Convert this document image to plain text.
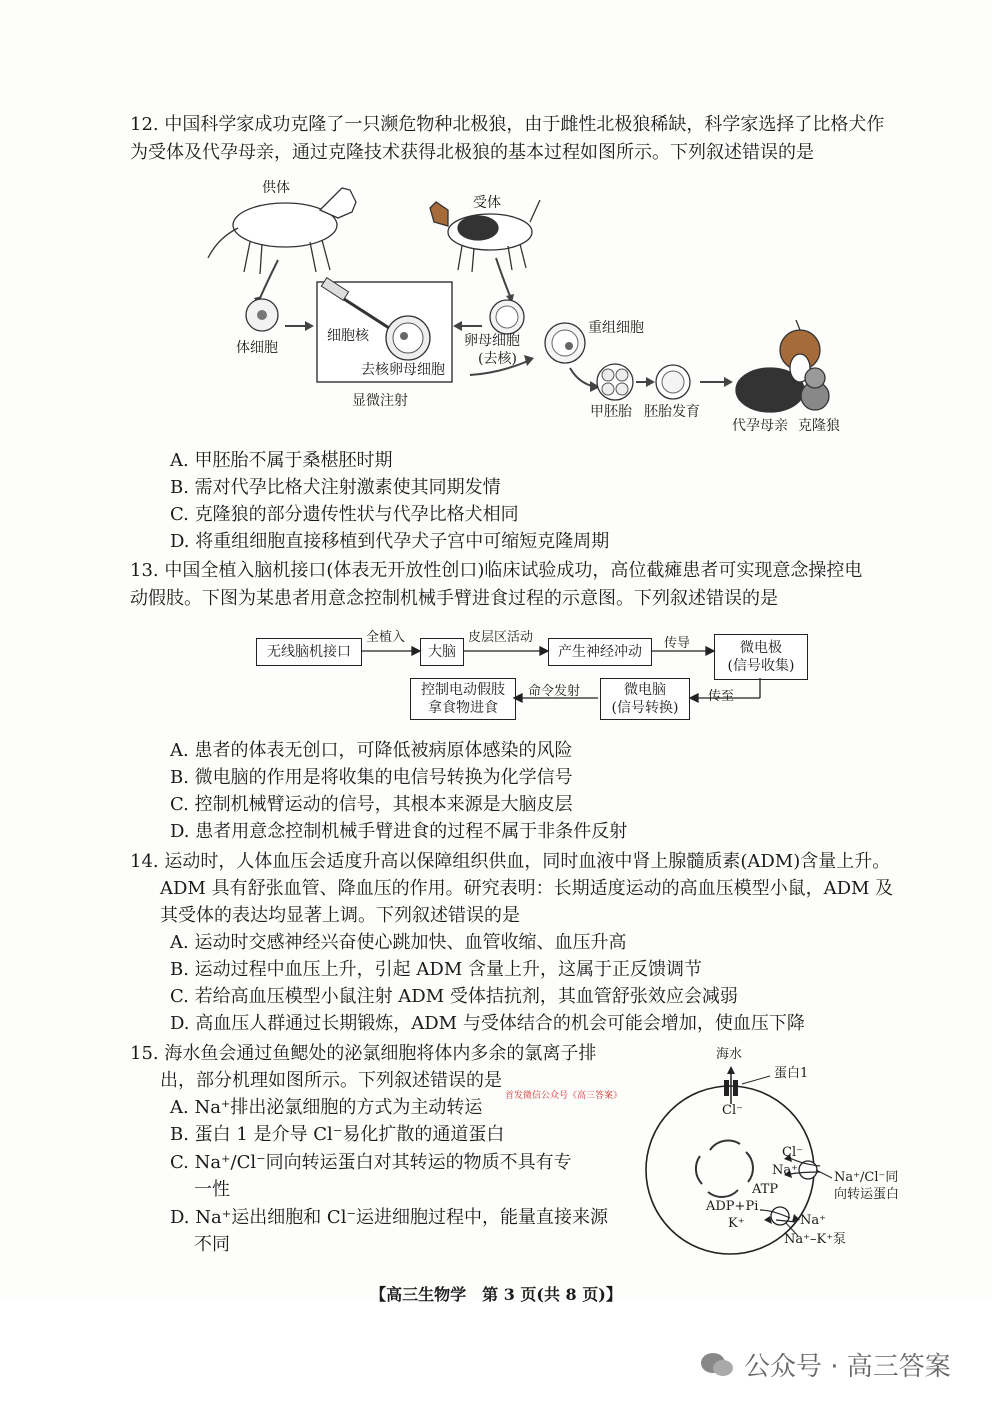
12. 中国科学家成功克隆了一只濒危物种北极狼，由于雌性北极狼稀缺，科学家选择了比格犬作
为受体及代孕母亲，通过克隆技术获得北极狼的基本过程如图所示。下列叙述错误的是
供体
受体
体细胞
细胞核
去核卵母细胞
显微注射
卵母细胞
(去核)
重组细胞
甲胚胎 胚胎发育
代孕母亲 克隆狼
A. 甲胚胎不属于桑椹胚时期
B. 需对代孕比格犬注射激素使其同期发情
C. 克隆狼的部分遗传性状与代孕比格犬相同
D. 将重组细胞直接移植到代孕犬子宫中可缩短克隆周期
13. 中国全植入脑机接口(体表无开放性创口)临床试验成功，高位截瘫患者可实现意念操控电
动假肢。下图为某患者用意念控制机械手臂进食过程的示意图。下列叙述错误的是
无线脑机接口	大脑	产生神经冲动	微电极
(信号收集)
微电脑
(信号转换)
控制电动假肢
拿食物进食
全植入	皮层区活动	传导
传至
命令发射
A. 患者的体表无创口，可降低被病原体感染的风险
B. 微电脑的作用是将收集的电信号转换为化学信号
C. 控制机械臂运动的信号，其根本来源是大脑皮层
D. 患者用意念控制机械手臂进食的过程不属于非条件反射
14. 运动时，人体血压会适度升高以保障组织供血，同时血液中肾上腺髓质素(ADM)含量上升。
ADM 具有舒张血管、降血压的作用。研究表明：长期适度运动的高血压模型小鼠，ADM 及
其受体的表达均显著上调。下列叙述错误的是
A. 运动时交感神经兴奋使心跳加快、血管收缩、血压升高
B. 运动过程中血压上升，引起 ADM 含量上升，这属于正反馈调节
C. 若给高血压模型小鼠注射 ADM 受体拮抗剂，其血管舒张效应会减弱
D. 高血压人群通过长期锻炼，ADM 与受体结合的机会可能会增加，使血压下降
15. 海水鱼会通过鱼鳃处的泌氯细胞将体内多余的氯离子排
出，部分机理如图所示。下列叙述错误的是
首发微信公众号《高三答案》
A. Na⁺排出泌氯细胞的方式为主动转运
B. 蛋白 1 是介导 Cl⁻易化扩散的通道蛋白
C. Na⁺/Cl⁻同向转运蛋白对其转运的物质不具有专
一性
D. Na⁺运出细胞和 Cl⁻运进细胞过程中，能量直接来源
不同
海水
蛋白1
Cl⁻
Cl⁻
Na⁺	Na⁺/Cl⁻同
向转运蛋白
ATP
ADP+Pi
K⁺	Na⁺
Na⁺–K⁺泵
【高三生物学　第 3 页(共 8 页)】
公众号 · 高三答案
